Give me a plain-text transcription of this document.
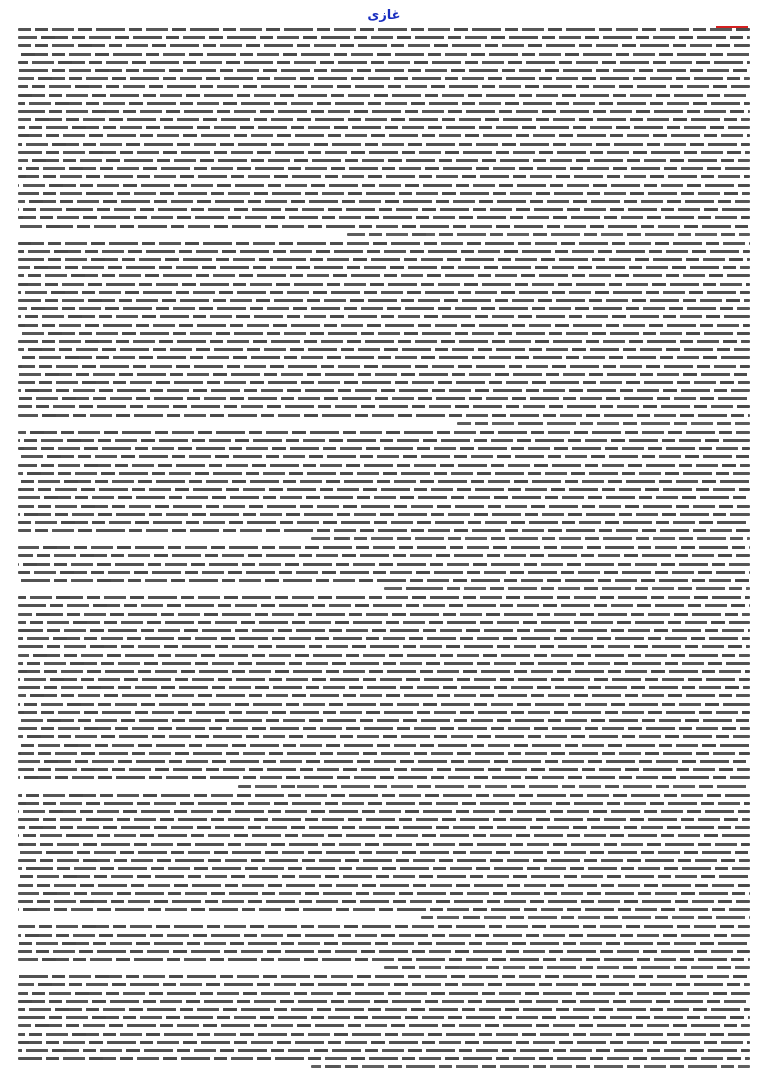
غازی
